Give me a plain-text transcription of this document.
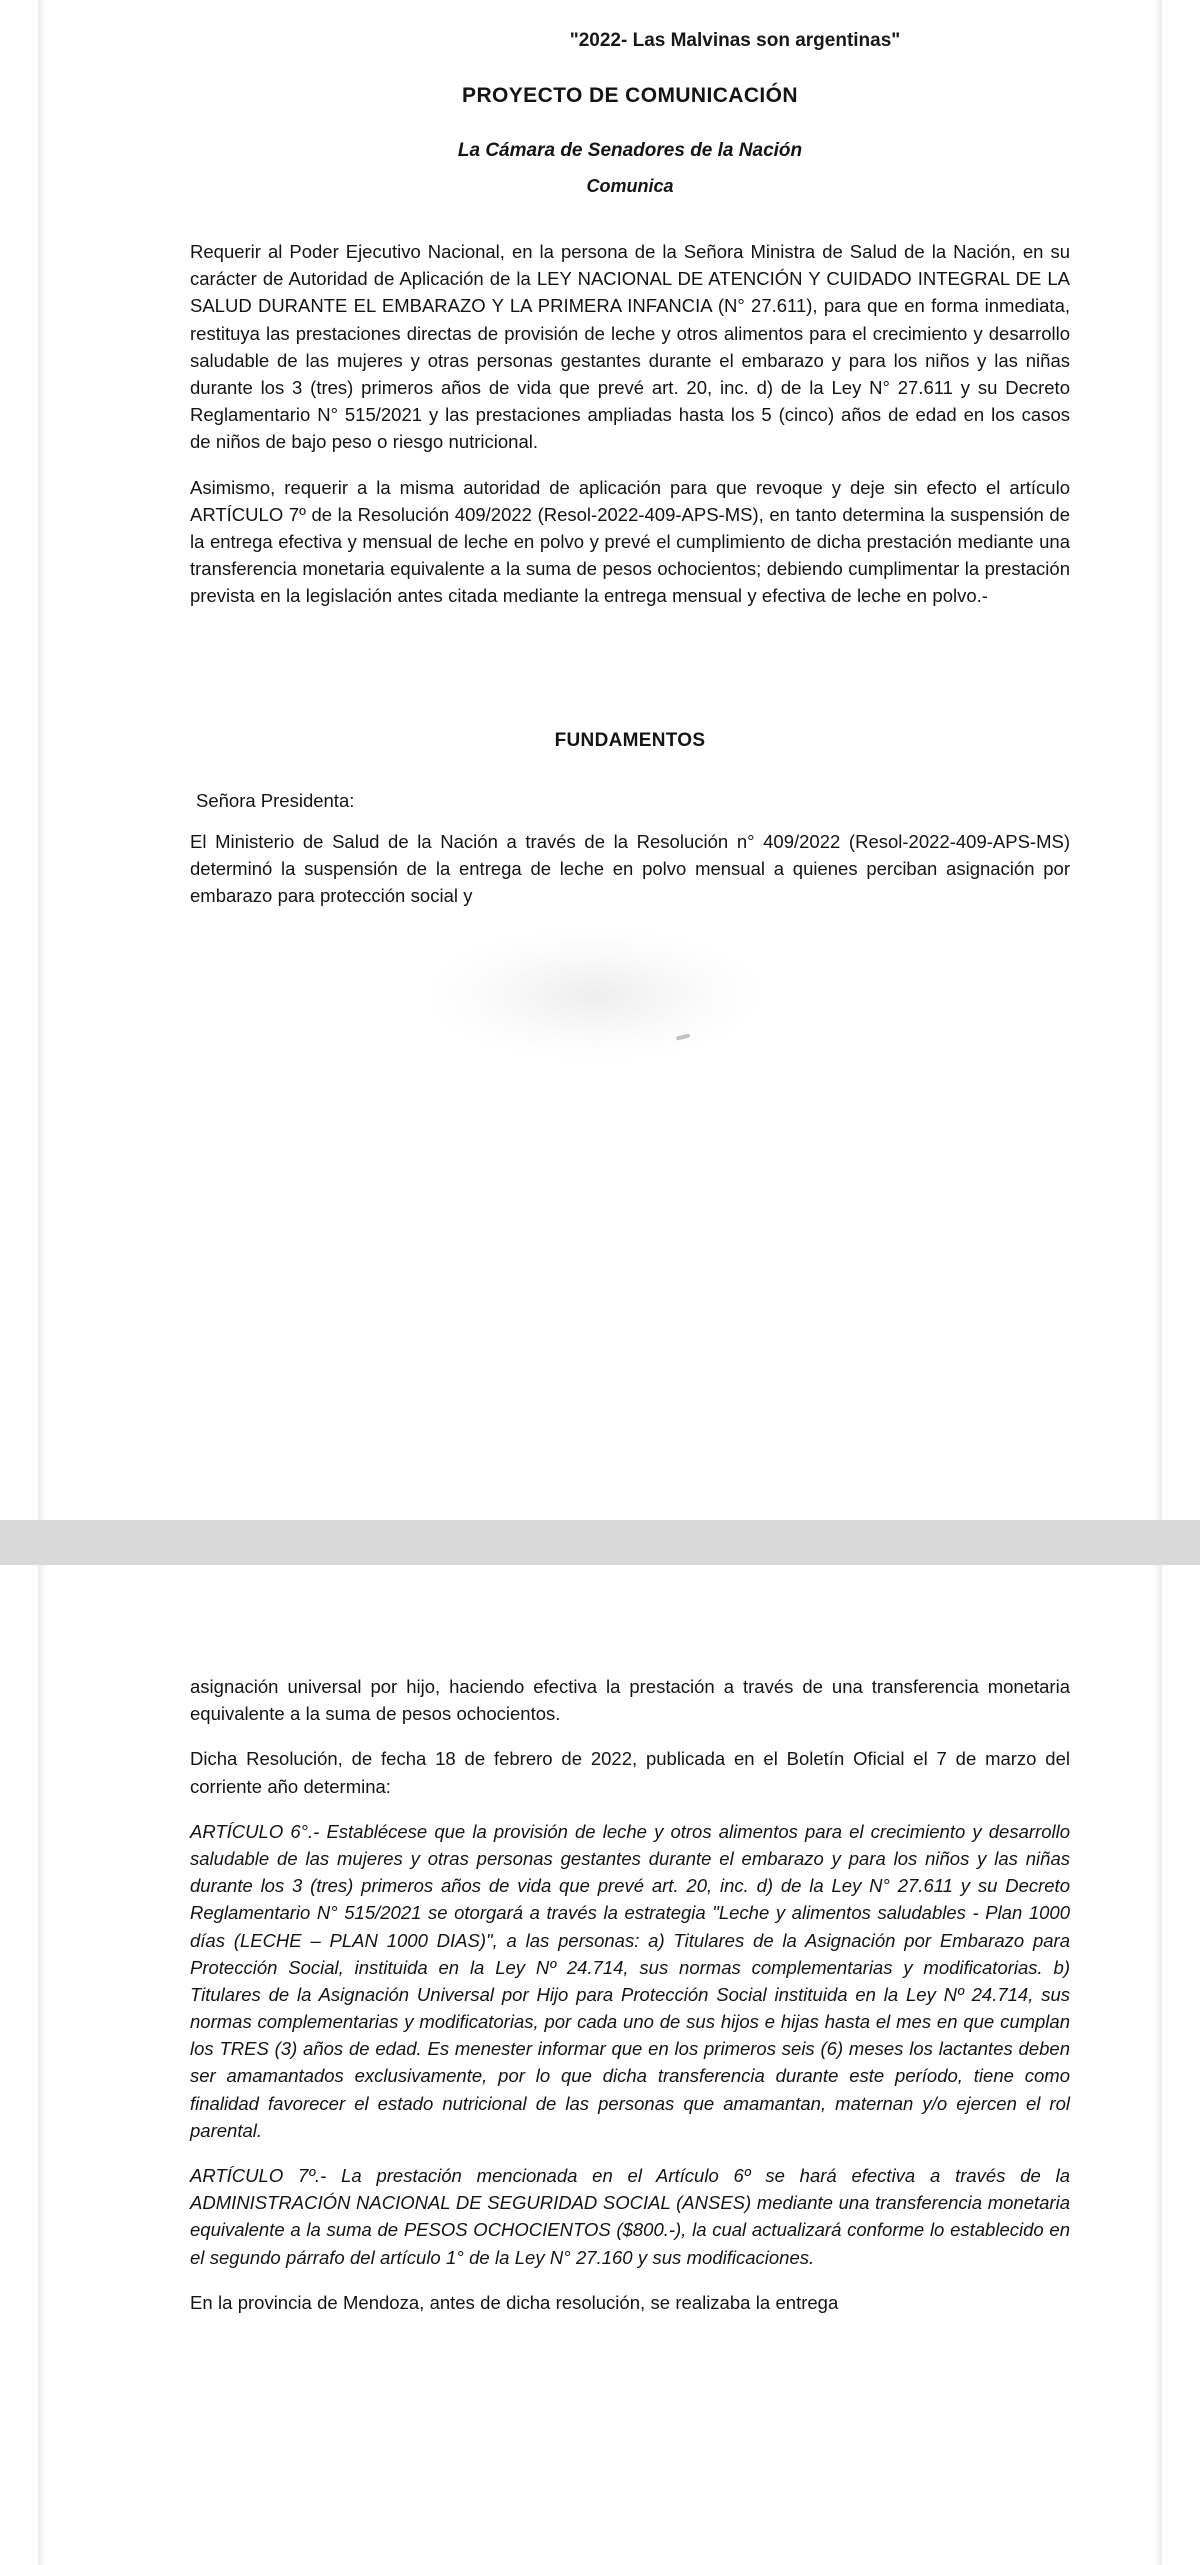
"2022- Las Malvinas son argentinas"
PROYECTO DE COMUNICACIÓN
La Cámara de Senadores de la Nación
Comunica

Requerir al Poder Ejecutivo Nacional, en la persona de la Señora Ministra de Salud de la Nación, en su carácter de Autoridad de Aplicación de la LEY NACIONAL DE ATENCIÓN Y CUIDADO INTEGRAL DE LA SALUD DURANTE EL EMBARAZO Y LA PRIMERA INFANCIA (N° 27.611), para que en forma inmediata, restituya las prestaciones directas de provisión de leche y otros alimentos para el crecimiento y desarrollo saludable de las mujeres y otras personas gestantes durante el embarazo y para los niños y las niñas durante los 3 (tres) primeros años de vida que prevé art. 20, inc. d) de la Ley N° 27.611 y su Decreto Reglamentario N° 515/2021 y las prestaciones ampliadas hasta los 5 (cinco) años de edad en los casos de niños de bajo peso o riesgo nutricional.

Asimismo, requerir a la misma autoridad de aplicación para que revoque y deje sin efecto el artículo ARTÍCULO 7º de la Resolución 409/2022 (Resol-2022-409-APS-MS), en tanto determina la suspensión de la entrega efectiva y mensual de leche en polvo y prevé el cumplimiento de dicha prestación mediante una transferencia monetaria equivalente a la suma de pesos ochocientos; debiendo cumplimentar la prestación prevista en la legislación antes citada mediante la entrega mensual y efectiva de leche en polvo.-

FUNDAMENTOS

Señora Presidenta:

El Ministerio de Salud de la Nación a través de la Resolución n° 409/2022 (Resol-2022-409-APS-MS) determinó la suspensión de la entrega de leche en polvo mensual a quienes perciban asignación por embarazo para protección social y

asignación universal por hijo, haciendo efectiva la prestación a través de una transferencia monetaria equivalente a la suma de pesos ochocientos.

Dicha Resolución, de fecha 18 de febrero de 2022, publicada en el Boletín Oficial el 7 de marzo del corriente año determina:

ARTÍCULO 6°.- Establécese que la provisión de leche y otros alimentos para el crecimiento y desarrollo saludable de las mujeres y otras personas gestantes durante el embarazo y para los niños y las niñas durante los 3 (tres) primeros años de vida que prevé art. 20, inc. d) de la Ley N° 27.611 y su Decreto Reglamentario N° 515/2021 se otorgará a través la estrategia "Leche y alimentos saludables - Plan 1000 días (LECHE – PLAN 1000 DIAS)", a las personas: a) Titulares de la Asignación por Embarazo para Protección Social, instituida en la Ley Nº 24.714, sus normas complementarias y modificatorias. b) Titulares de la Asignación Universal por Hijo para Protección Social instituida en la Ley Nº 24.714, sus normas complementarias y modificatorias, por cada uno de sus hijos e hijas hasta el mes en que cumplan los TRES (3) años de edad. Es menester informar que en los primeros seis (6) meses los lactantes deben ser amamantados exclusivamente, por lo que dicha transferencia durante este período, tiene como finalidad favorecer el estado nutricional de las personas que amamantan, maternan y/o ejercen el rol parental.

ARTÍCULO 7º.- La prestación mencionada en el Artículo 6º se hará efectiva a través de la ADMINISTRACIÓN NACIONAL DE SEGURIDAD SOCIAL (ANSES) mediante una transferencia monetaria equivalente a la suma de PESOS OCHOCIENTOS ($800.-), la cual actualizará conforme lo establecido en el segundo párrafo del artículo 1° de la Ley N° 27.160 y sus modificaciones.

En la provincia de Mendoza, antes de dicha resolución, se realizaba la entrega
